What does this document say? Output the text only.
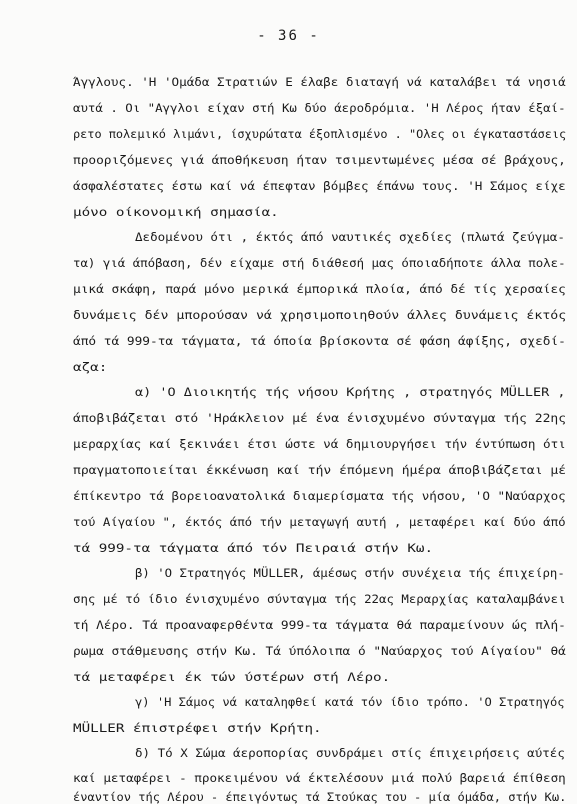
- 36 -
Άγγλους. 'Η 'Ομάδα Στρατιών Ε έλαβε διαταγή νά καταλάβει τά νησιά
αυτά . Οι "Αγγλοι είχαν στή Κω δύο άεροδρόμια. 'Η Λέρος ήταν έξαί-
ρετο πολεμικό λιμάνι, ίσχυρώτατα έξοπλισμένο . "Ολες οι έγκαταστάσεις
προοριζόμενες γιά άποθήκευση ήταν τσιμεντωμένες μέσα σέ βράχους,
άσφαλέστατες έστω καί νά έπεφταν βόμβες έπάνω τους. 'Η Σάμος είχε
μόνο οίκονομική σημασία.
Δεδομένου ότι , έκτός άπό ναυτικές σχεδίες (πλωτά ζεύγμα-
τα) γιά άπόβαση, δέν είχαμε στή διάθεσή μας όποιαδήποτε άλλα πολε-
μικά σκάφη, παρά μόνο μερικά έμπορικά πλοία, άπό δέ τίς χερσαίες
δυνάμεις δέν μπορούσαν νά χρησιμοποιηθούν άλλες δυνάμεις έκτός
άπό τά 999-τα τάγματα, τά όποία βρίσκοντα σέ φάση άφίξης, σχεδί-
αζα:
α) 'Ο Διοικητής τής νήσου Κρήτης , στρατηγός MÜLLER ,
άποβιβάζεται στό 'Ηράκλειον μέ ένα ένισχυμένο σύνταγμα τής 22ης
μεραρχίας καί ξεκινάει έτσι ώστε νά δημιουργήσει τήν έντύπωση ότι
πραγματοποιείται έκκένωση καί τήν έπόμενη ήμέρα άποβιβάζεται μέ
έπίκεντρο τά βορειοανατολικά διαμερίσματα τής νήσου, 'Ο "Ναύαρχος
τού Αίγαίου ", έκτός άπό τήν μεταγωγή αυτή , μεταφέρει καί δύο άπό
τά 999-τα τάγματα άπό τόν Πειραιά στήν Κω.
β) 'Ο Στρατηγός MÜLLER, άμέσως στήν συνέχεια τής έπιχείρη-
σης μέ τό ίδιο ένισχυμένο σύνταγμα τής 22ας Μεραρχίας καταλαμβάνει
τή Λέρο. Τά προαναφερθέντα 999-τα τάγματα θά παραμείνουν ώς πλή-
ρωμα στάθμευσης στήν Κω. Τά ύπόλοιπα ό "Ναύαρχος τού Αίγαίου" θά
τά μεταφέρει έκ τών ύστέρων στή Λέρο.
γ) 'Η Σάμος νά καταληφθεί κατά τόν ίδιο τρόπο. 'Ο Στρατηγός
MÜLLER έπιστρέφει στήν Κρήτη.
δ) Τό Χ Σώμα άεροπορίας συνδράμει στίς έπιχειρήσεις αύτές
καί μεταφέρει - προκειμένου νά έκτελέσουν μιά πολύ βαρειά έπίθεση
έναντίον τής Λέρου - έπειγόντως τά Στούκας του - μία όμάδα, στήν Κω.
